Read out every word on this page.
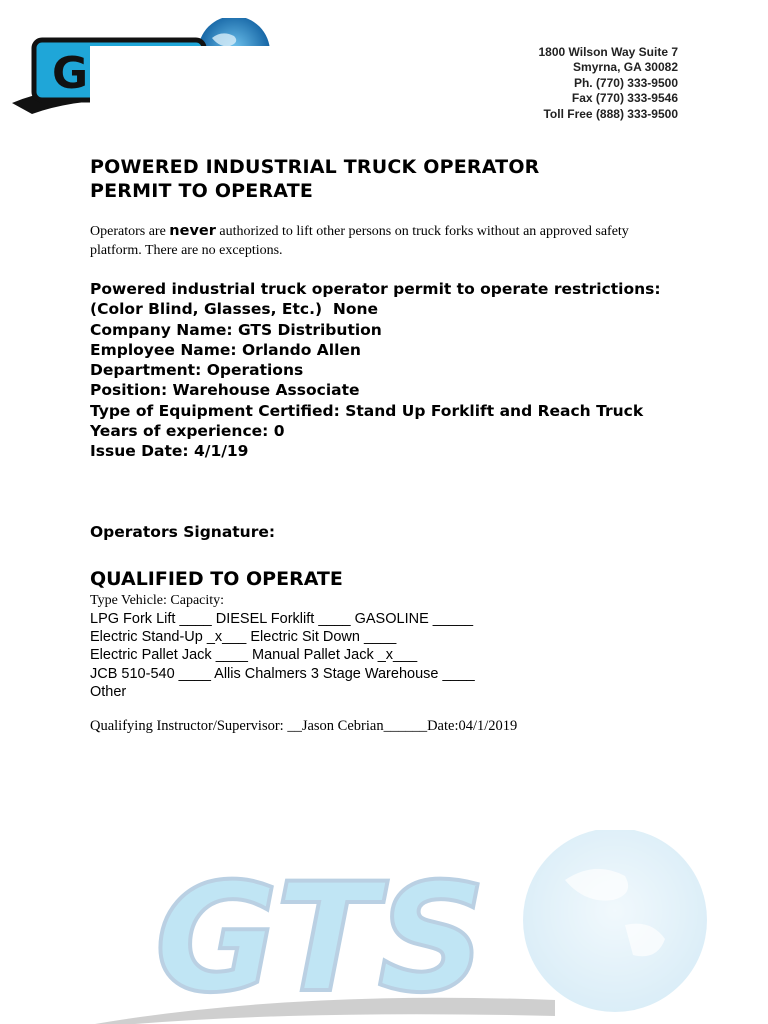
G	1800 Wilson Way Suite 7
Smyrna, GA 30082
Ph. (770) 333-9500
Fax (770) 333-9546
Toll Free (888) 333-9500
POWERED INDUSTRIAL TRUCK OPERATOR
PERMIT TO OPERATE
Operators are never authorized to lift other persons on truck forks without an approved safety platform. There are no exceptions.
Powered industrial truck operator permit to operate restrictions:
(Color Blind, Glasses, Etc.)  None
Company Name: GTS Distribution
Employee Name: Orlando Allen
Department: Operations
Position: Warehouse Associate
Type of Equipment Certified: Stand Up Forklift and Reach Truck
Years of experience: 0
Issue Date: 4/1/19
Operators Signature:
QUALIFIED TO OPERATE
Type Vehicle: Capacity:
LPG Fork Lift ____ DIESEL Forklift ____ GASOLINE _____
Electric Stand-Up _x___ Electric Sit Down ____
Electric Pallet Jack ____ Manual Pallet Jack _x___
JCB 510-540 ____ Allis Chalmers 3 Stage Warehouse ____
Other
Qualifying Instructor/Supervisor: __Jason Cebrian______Date:04/1/2019
GTS
